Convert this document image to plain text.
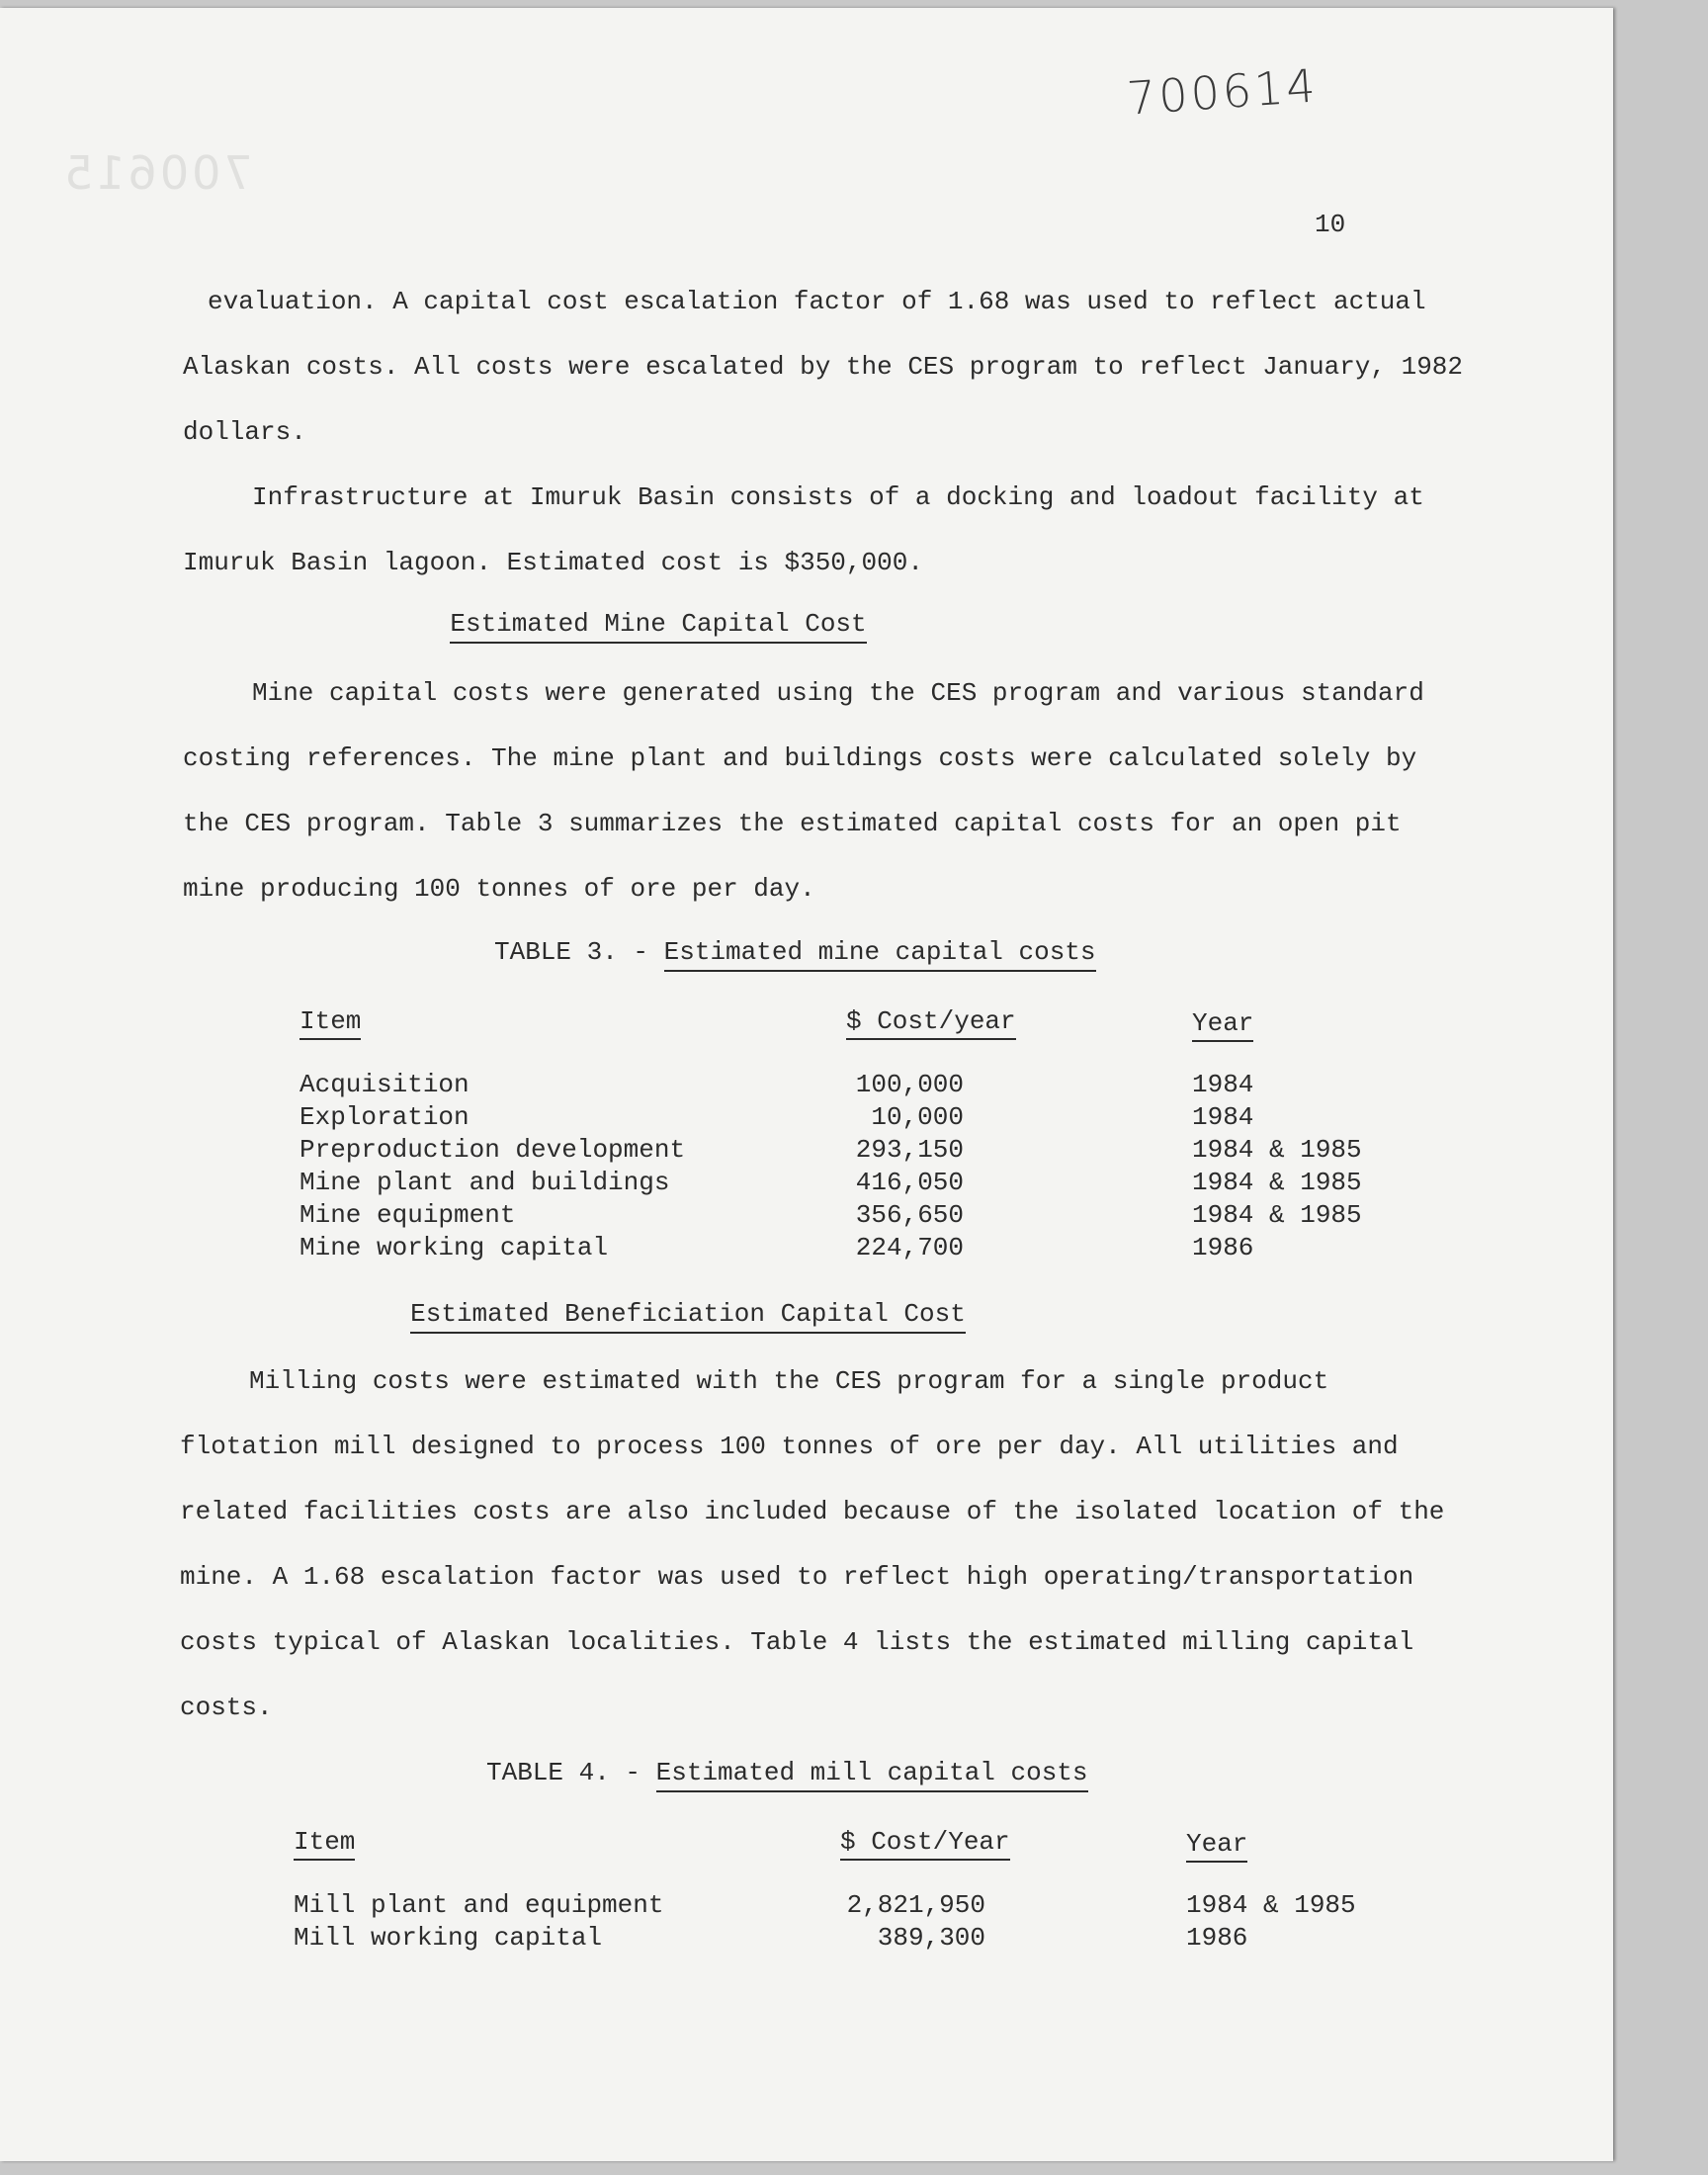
700614
700615
10

evaluation. A capital cost escalation factor of 1.68 was used to reflect actual Alaskan costs. All costs were escalated by the CES program to reflect January, 1982 dollars.

Infrastructure at Imuruk Basin consists of a docking and loadout facility at Imuruk Basin lagoon. Estimated cost is $350,000.

Estimated Mine Capital Cost

Mine capital costs were generated using the CES program and various standard costing references. The mine plant and buildings costs were calculated solely by the CES program. Table 3 summarizes the estimated capital costs for an open pit mine producing 100 tonnes of ore per day.

TABLE 3. - Estimated mine capital costs
Item	$ Cost/year	Year
Acquisition	100,000	1984
Exploration	10,000	1984
Preproduction development	293,150	1984 & 1985
Mine plant and buildings	416,050	1984 & 1985
Mine equipment	356,650	1984 & 1985
Mine working capital	224,700	1986

Estimated Beneficiation Capital Cost

Milling costs were estimated with the CES program for a single product flotation mill designed to process 100 tonnes of ore per day. All utilities and related facilities costs are also included because of the isolated location of the mine. A 1.68 escalation factor was used to reflect high operating/transportation costs typical of Alaskan localities. Table 4 lists the estimated milling capital costs.

TABLE 4. - Estimated mill capital costs
Item	$ Cost/Year	Year
Mill plant and equipment	2,821,950	1984 & 1985
Mill working capital	389,300	1986
